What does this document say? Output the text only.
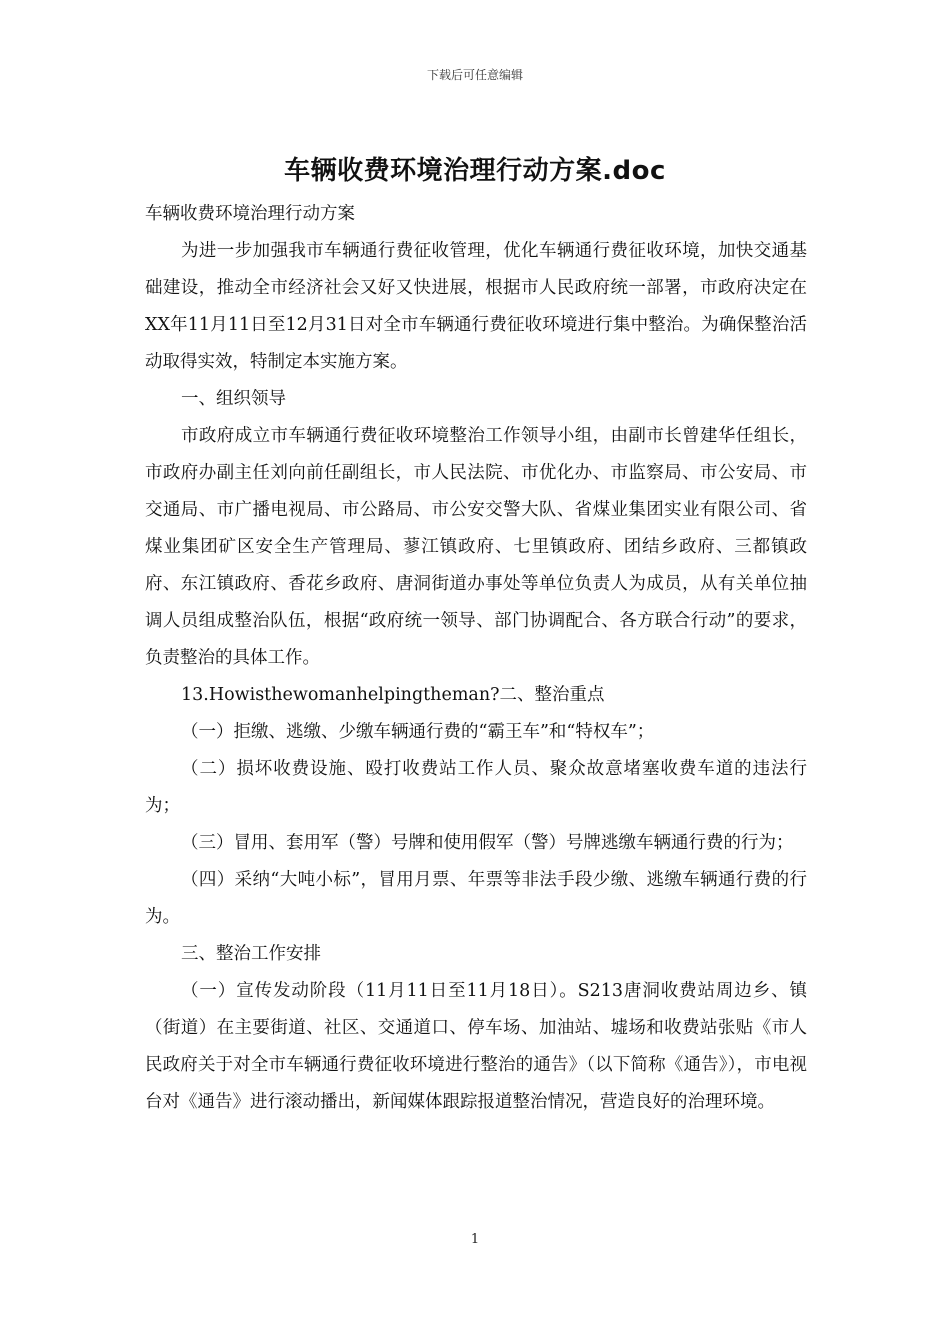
下载后可任意编辑
车辆收费环境治理行动方案.doc

车辆收费环境治理行动方案

为进一步加强我市车辆通行费征收管理，优化车辆通行费征收环境，加快交通基础建设，推动全市经济社会又好又快进展，根据市人民政府统一部署，市政府决定在XX年11月11日至12月31日对全市车辆通行费征收环境进行集中整治。为确保整治活动取得实效，特制定本实施方案。

一、组织领导

市政府成立市车辆通行费征收环境整治工作领导小组，由副市长曾建华任组长，市政府办副主任刘向前任副组长，市人民法院、市优化办、市监察局、市公安局、市交通局、市广播电视局、市公路局、市公安交警大队、省煤业集团实业有限公司、省煤业集团矿区安全生产管理局、蓼江镇政府、七里镇政府、团结乡政府、三都镇政府、东江镇政府、香花乡政府、唐洞街道办事处等单位负责人为成员，从有关单位抽调人员组成整治队伍，根据“政府统一领导、部门协调配合、各方联合行动”的要求，负责整治的具体工作。

13.Howisthewomanhelpingtheman?二、整治重点

（一）拒缴、逃缴、少缴车辆通行费的“霸王车”和“特权车”；

（二）损坏收费设施、殴打收费站工作人员、聚众故意堵塞收费车道的违法行为；

（三）冒用、套用军（警）号牌和使用假军（警）号牌逃缴车辆通行费的行为；

（四）采纳“大吨小标”，冒用月票、年票等非法手段少缴、逃缴车辆通行费的行为。

三、整治工作安排

（一）宣传发动阶段（11月11日至11月18日）。S213唐洞收费站周边乡、镇（街道）在主要街道、社区、交通道口、停车场、加油站、墟场和收费站张贴《市人民政府关于对全市车辆通行费征收环境进行整治的通告》（以下简称《通告》），市电视台对《通告》进行滚动播出，新闻媒体跟踪报道整治情况，营造良好的治理环境。

1
